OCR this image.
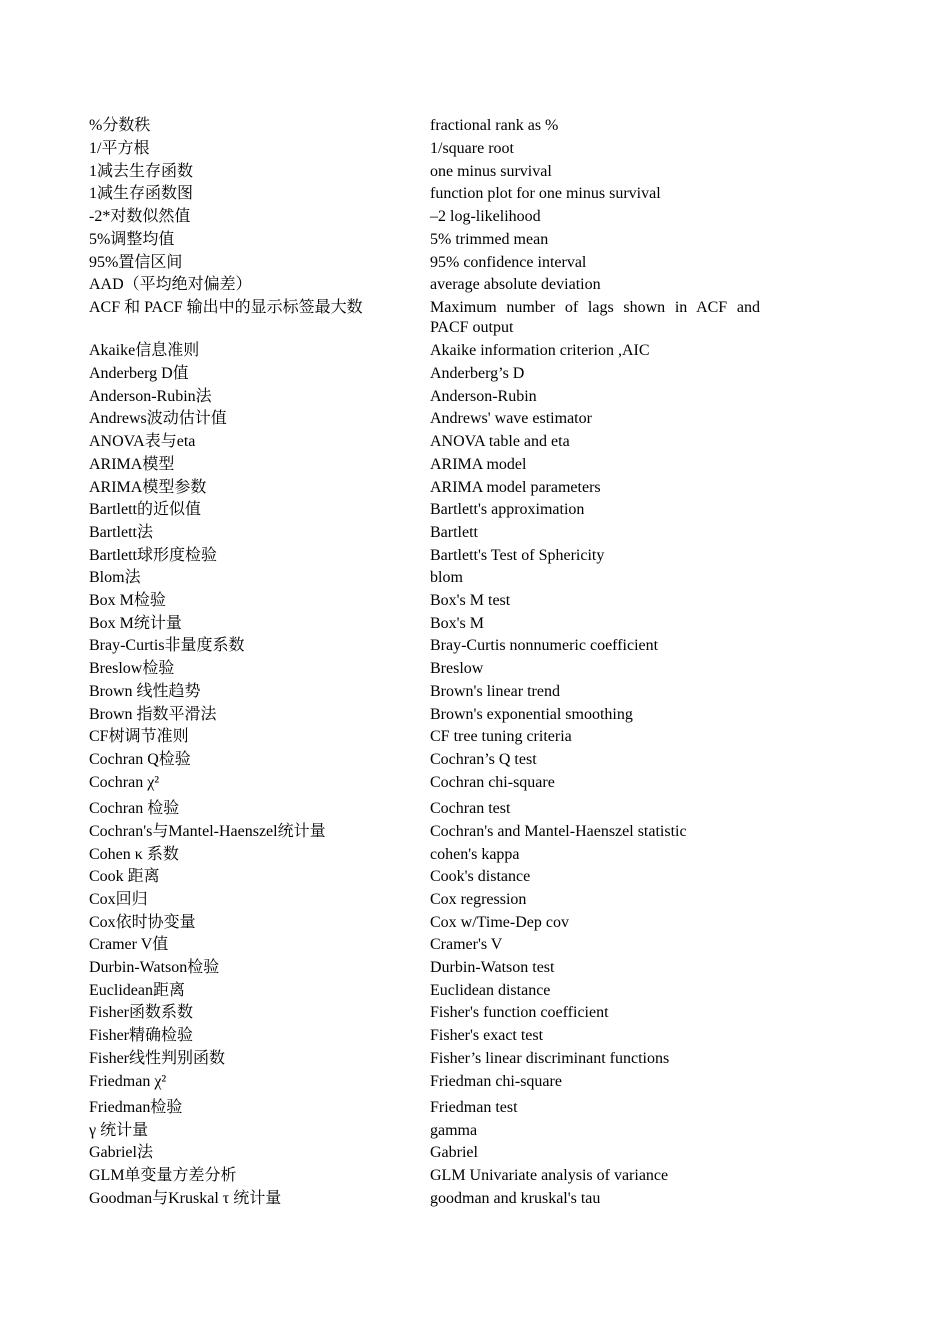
%分数秩	fractional rank as %
1/平方根	1/square root
1减去生存函数	one minus survival
1减生存函数图	function plot for one minus survival
-2*对数似然值	–2 log-likelihood
5%调整均值	5% trimmed mean
95%置信区间	95% confidence interval
AAD（平均绝对偏差）	average absolute deviation
ACF 和 PACF 输出中的显示标签最大数	Maximum number of lags shown in ACF and PACF output
Akaike信息准则	Akaike information criterion ,AIC
Anderberg D值	Anderberg’s D
Anderson-Rubin法	Anderson-Rubin
Andrews波动估计值	Andrews' wave estimator
ANOVA表与eta	ANOVA table and eta
ARIMA模型	ARIMA model
ARIMA模型参数	ARIMA model parameters
Bartlett的近似值	Bartlett's approximation
Bartlett法	Bartlett
Bartlett球形度检验	Bartlett's Test of Sphericity
Blom法	blom
Box M检验	Box's M test
Box M统计量	Box's M
Bray-Curtis非量度系数	Bray-Curtis nonnumeric coefficient
Breslow检验	Breslow
Brown 线性趋势	Brown's linear trend
Brown 指数平滑法	Brown's exponential smoothing
CF树调节准则	CF tree tuning criteria
Cochran Q检验	Cochran’s Q test
Cochran χ²	Cochran chi-square
Cochran 检验	Cochran test
Cochran's与Mantel-Haenszel统计量	Cochran's and Mantel-Haenszel statistic
Cohen κ 系数	cohen's kappa
Cook 距离	Cook's distance
Cox回归	Cox regression
Cox依时协变量	Cox w/Time-Dep cov
Cramer V值	Cramer's V
Durbin-Watson检验	Durbin-Watson test
Euclidean距离	Euclidean distance
Fisher函数系数	Fisher's function coefficient
Fisher精确检验	Fisher's exact test
Fisher线性判别函数	Fisher’s linear discriminant functions
Friedman χ²	Friedman chi-square
Friedman检验	Friedman test
γ 统计量	gamma
Gabriel法	Gabriel
GLM单变量方差分析	GLM Univariate analysis of variance
Goodman与Kruskal τ 统计量	goodman and kruskal's tau
